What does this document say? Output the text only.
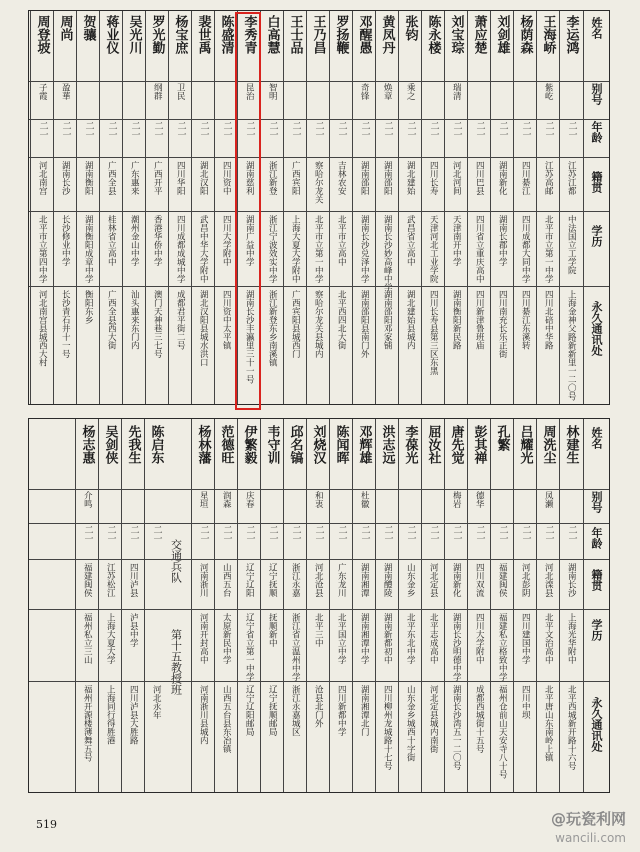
姓名
别号
年龄
籍贯
学历
永久通讯处
李运鸿
二一
江苏江都
中法国立工学院
上海金神父路新新里一二〇号
王海峤
紫屹
二一
江苏高邮
北平市立第一中学
四川北碚中华路
杨荫森
二一
四川綦江
四川成都大同中学
四川綦江东溪转
刘剑雄
二一
湖南新化
湖南长郡中学
四川南充长乐正街
萧应楚
二一
四川巴县
四川省立重庆高中
四川新津鲁班庙
刘宝琮
瑞清
二一
河北河间
天津南开中学
湖南衡阳新民路
陈永楼
二一
四川长寿
天津河北工业学院
四川长寿县第三区东黑
张钧
乘之
二一
湖北建始
武昌省立高中
湖北建始县城内
黄凤丹
焕章
二一
湖南邵阳
湖南长沙妙高峰中学
湖南邵阳邓家铺
邓醒愚
奇锋
二一
湖南邵阳
湖南长沙兑泽中学
湖南邵阳县南门外
罗扬鞭
二一
吉林农安
北平市立高中
北平西四北大街
王乃昌
二一
察哈尔龙关
北平市立第一中学
察哈尔龙关县城内
王士品
二一
广西宾阳
上海大夏大学附中
广西宾阳县城西门
白高慧
智明
二一
浙江新登
浙江宁波效实中学
浙江新登东乡南溪镇
李秀青
昆治
二一
湖南慈利
湖南广益中学
湖南长沙丰瀛里三十一号
陈盛清
二一
四川资中
四川大学附中
四川资中太平镇
裴世禹
二一
湖北汉阳
武昌中华大学附中
湖北汉阳县城水洪口
杨宝庶
卫民
二一
四川华阳
四川成都成城中学
成都君平街二号
罗光勤
纲群
二一
广西开平
香港华侨中学
澳门天神巷三七号
吴光川
二一
广东惠来
潮州金山中学
汕头惠来东门内
蒋业仪
二一
广西全县
桂林省立高中
广西全县西大街
贺骧
二一
湖南衡阳
湖南衡阳成章中学
衡阳东乡
周尚
盈華
二一
湖南长沙
长沙修业中学
长沙青石井十一号
周登坡
子霞
二一
河北南宫
北平市立第四中学
河北南宫县城西大村
姓名
别号
年龄
籍贯
学历
永久通讯处
林建生
二一
湖南长沙
上海光华附中
北平西城新开路十六号
周洗尘
凤濑
二一
河北滦县
北平文治高中
北平唐山东南岭上镇
吕耀光
二一
河北彭阴
四川建国中学
四川中坝
孔繁
二一
福建闽侯
福建私立格致中学
福州仓前山天安寺八十号
彭其禅
德华
二一
四川双流
四川大学附中
成都西城街十五号
唐先觉
梅岩
二一
湖南新化
湖南长沙明德中学
湖南长沙湾五一二〇号
屈汝社
二一
河北定县
北平志成高中
河北定县城内南街
李葆光
二一
山东金乡
北平东北中学
山东金乡城西十字街
洪志远
二一
湖南醴陵
湖南新都初中
四川柳州龙城路十七号
邓辉雄
杜徽
二一
湖南湘潭
湖南湘潭中学
湖南湘潭北门
陈闻晖
二一
广东龙川
北平国立中学
四川新都中学
刘烧汉
和衷
二一
河北沧县
北平三中
沧县北门外
邱名镐
二一
浙江永嘉
浙江省立温州中学
浙江永嘉城区
韦守训
二一
辽宁抚顺
抚顺新中
辽宁抚顺邮局
伊繁毅
庆春
二一
辽宁辽阳
辽宁省立第一中学
辽宁辽阳邮局
范德旺
润森
二一
山西五台
太原新民中学
山西五台县东冶镇
杨林藩
星垣
二一
河南浙川
河南开封高中
河南浙川县城内
交通兵队
第十五教授班
陈启东
二一
河北永年
先我生
二一
四川泸县
泸县中学
四川泸县大胜路
吴剑侠
二一
江苏松江
上海大夏大学
上海同行得胜港
杨志惠
介鸣
二一
福建闽侯
福州私立三山
福州开源楼薄舞五号
519	@玩瓷利网
wancili.com
